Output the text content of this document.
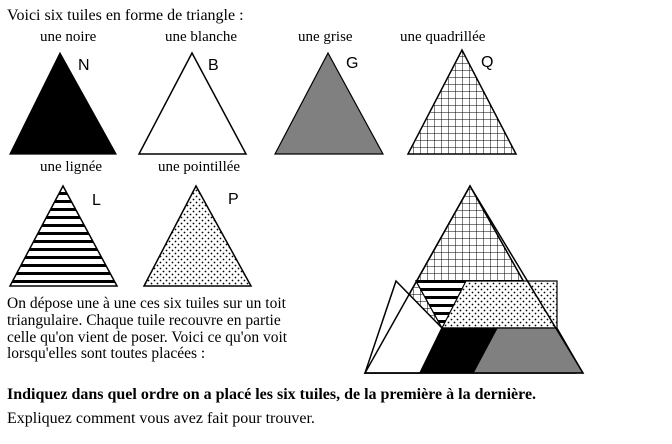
Voici six tuiles en forme de triangle :
une noire	une blanche	une grise	une quadrillée
une lignée	une pointillée
N	B	G	Q
L	P
On dépose une à une ces six tuiles sur un toit
triangulaire. Chaque tuile recouvre en partie
celle qu'on vient de poser. Voici ce qu'on voit
lorsqu'elles sont toutes placées :
Indiquez dans quel ordre on a placé les six tuiles, de la première à la dernière.
Expliquez comment vous avez fait pour trouver.
